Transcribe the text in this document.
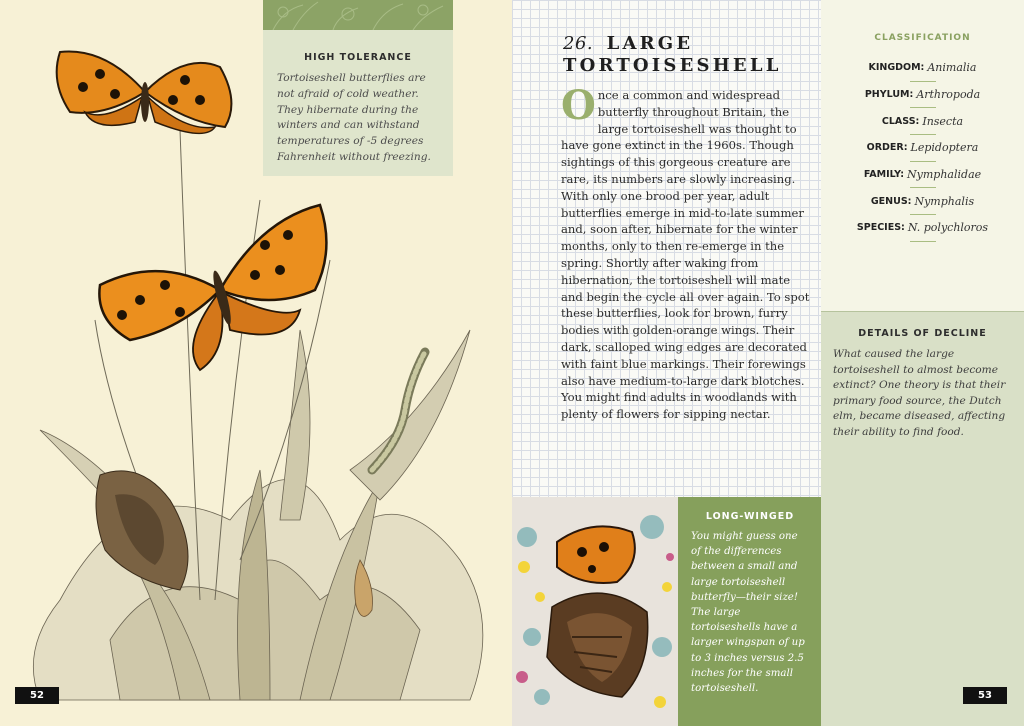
HIGH TOLERANCE

Tortoiseshell butterflies are not afraid of cold weather. They hibernate during the winters and can withstand temperatures of -5 degrees Fahrenheit without freezing.

52
26. LARGE
TORTOISESHELL
Once a common and widespread butterfly throughout Britain, the large tortoiseshell was thought to have gone extinct in the 1960s. Though sightings of this gorgeous creature are rare, its numbers are slowly increasing. With only one brood per year, adult butterflies emerge in mid-to-late summer and, soon after, hibernate for the winter months, only to then re-emerge in the spring. Shortly after waking from hibernation, the tortoiseshell will mate and begin the cycle all over again. To spot these butterflies, look for brown, furry bodies with golden-orange wings. Their dark, scalloped wing edges are decorated with faint blue markings. Their forewings also have medium-to-large dark blotches. You might find adults in woodlands with plenty of flowers for sipping nectar.
LONG-WINGED

You might guess one of the differences between a small and large tortoiseshell butterfly—their size! The large tortoiseshells have a larger wingspan of up to 3 inches versus 2.5 inches for the small tortoiseshell.

CLASSIFICATION
KINGDOM: Animalia
PHYLUM: Arthropoda
CLASS: Insecta
ORDER: Lepidoptera
FAMILY: Nymphalidae
GENUS: Nymphalis
SPECIES: N. polychloros
DETAILS OF DECLINE

What caused the large tortoiseshell to almost become extinct? One theory is that their primary food source, the Dutch elm, became diseased, affecting their ability to find food.

53
